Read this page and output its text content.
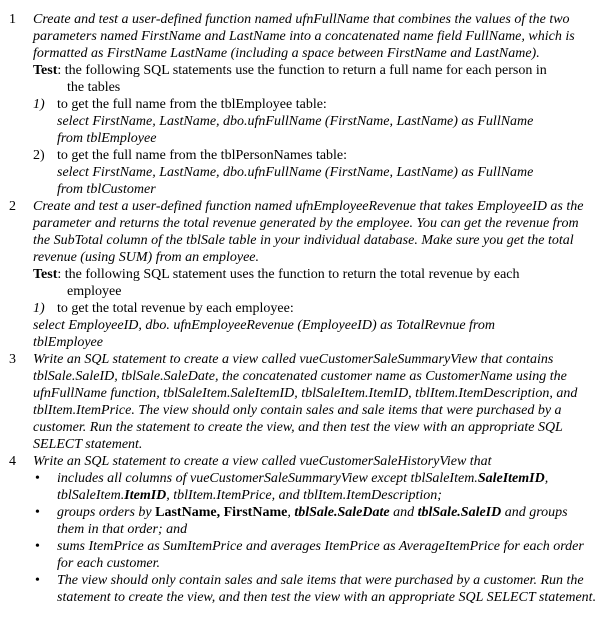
1 Create and test a user-defined function named ufnFullName that combines the values of the two parameters named FirstName and LastName into a concatenated name field FullName, which is formatted as FirstName LastName (including a space between FirstName and LastName).

Test: the following SQL statements use the function to return a full name for each person in

the tables

1) to get the full name from the tblEmployee table:

select FirstName, LastName, dbo.ufnFullName (FirstName, LastName) as FullName

from tblEmployee

2) to get the full name from the tblPersonNames table:

select FirstName, LastName, dbo.ufnFullName (FirstName, LastName) as FullName

from tblCustomer

2 Create and test a user-defined function named ufnEmployeeRevenue that takes EmployeeID as the parameter and returns the total revenue generated by the employee. You can get the revenue from the SubTotal column of the tblSale table in your individual database. Make sure you get the total revenue (using SUM) from an employee.

Test: the following SQL statement uses the function to return the total revenue by each

employee

1) to get the total revenue by each employee:

select EmployeeID, dbo. ufnEmployeeRevenue (EmployeeID) as TotalRevnue from

tblEmployee

3 Write an SQL statement to create a view called vueCustomerSaleSummaryView that contains tblSale.SaleID, tblSale.SaleDate, the concatenated customer name as CustomerName using the ufnFullName function, tblSaleItem.SaleItemID, tblSaleItem.ItemID, tblItem.ItemDescription, and tblItem.ItemPrice. The view should only contain sales and sale items that were purchased by a customer. Run the statement to create the view, and then test the view with an appropriate SQL SELECT statement.

4 Write an SQL statement to create a view called vueCustomerSaleHistoryView that

• includes all columns of vueCustomerSaleSummaryView except tblSaleItem.SaleItemID, tblSaleItem.ItemID, tblItem.ItemPrice, and tblItem.ItemDescription;
• groups orders by LastName, FirstName, tblSale.SaleDate and tblSale.SaleID and groups them in that order; and
• sums ItemPrice as SumItemPrice and averages ItemPrice as AverageItemPrice for each order for each customer.
• The view should only contain sales and sale items that were purchased by a customer. Run the statement to create the view, and then test the view with an appropriate SQL SELECT statement.
